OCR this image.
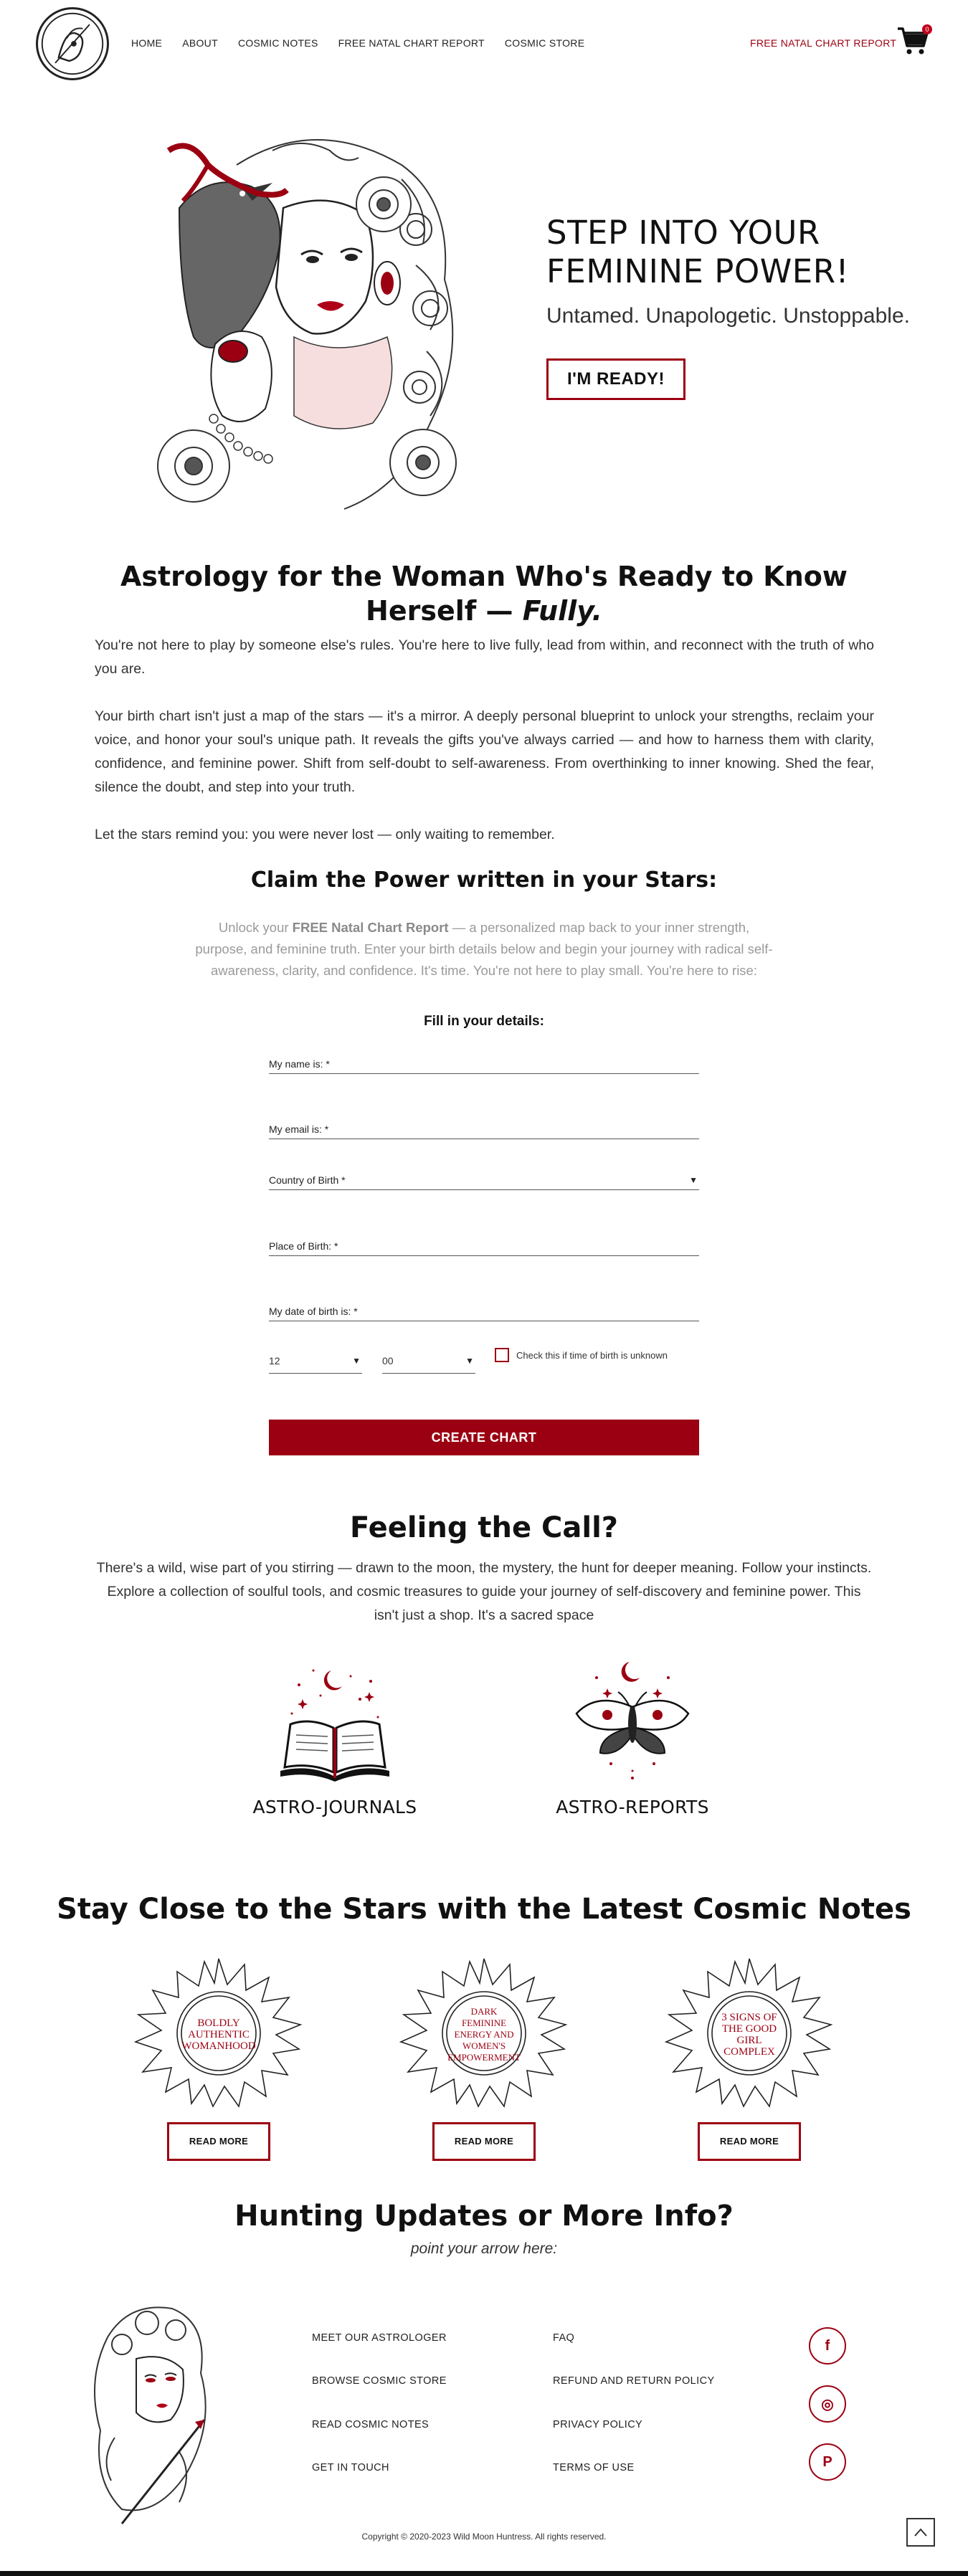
HOME ABOUT COSMIC NOTES FREE NATAL CHART REPORT COSMIC STORE	FREE NATAL CHART REPORT
0
STEP INTO YOUR FEMININE POWER!
Untamed. Unapologetic. Unstoppable.
I'M READY!
Astrology for the Woman Who's Ready to Know Herself — Fully.

You're not here to play by someone else's rules. You're here to live fully, lead from within, and reconnect with the truth of who you are.

Your birth chart isn't just a map of the stars — it's a mirror. A deeply personal blueprint to unlock your strengths, reclaim your voice, and honor your soul's unique path. It reveals the gifts you've always carried — and how to harness them with clarity, confidence, and feminine power. Shift from self-doubt to self-awareness. From overthinking to inner knowing. Shed the fear, silence the doubt, and step into your truth.

Let the stars remind you: you were never lost — only waiting to remember.

Claim the Power written in your Stars:

Unlock your FREE Natal Chart Report — a personalized map back to your inner strength, purpose, and feminine truth. Enter your birth details below and begin your journey with radical self-awareness, clarity, and confidence. It's time. You're not here to play small. You're here to rise:

Fill in your details:
My name is: *
My email is: *
Country of Birth *
▼
Place of Birth: *
My date of birth is: *
12
▼
00	▼
Check this if time of birth is unknown
CREATE CHART
Feeling the Call?

There's a wild, wise part of you stirring — drawn to the moon, the mystery, the hunt for deeper meaning. Follow your instincts. Explore a collection of soulful tools, and cosmic treasures to guide your journey of self-discovery and feminine power. This isn't just a shop. It's a sacred space

ASTRO-JOURNALS	ASTRO-REPORTS
Stay Close to the Stars with the Latest Cosmic Notes
BOLDLY AUTHENTIC WOMANHOOD
READ MORE
DARK FEMININE ENERGY AND WOMEN'S EMPOWERMENT
READ MORE
3 SIGNS OF THE GOOD GIRL COMPLEX
READ MORE
Hunting Updates or More Info?
point your arrow here:
MEET OUR ASTROLOGER
BROWSE COSMIC STORE
READ COSMIC NOTES
GET IN TOUCH
FAQ
REFUND AND RETURN POLICY
PRIVACY POLICY
TERMS OF USE
f
◎
P
Copyright © 2020-2023 Wild Moon Huntress. All rights reserved.
